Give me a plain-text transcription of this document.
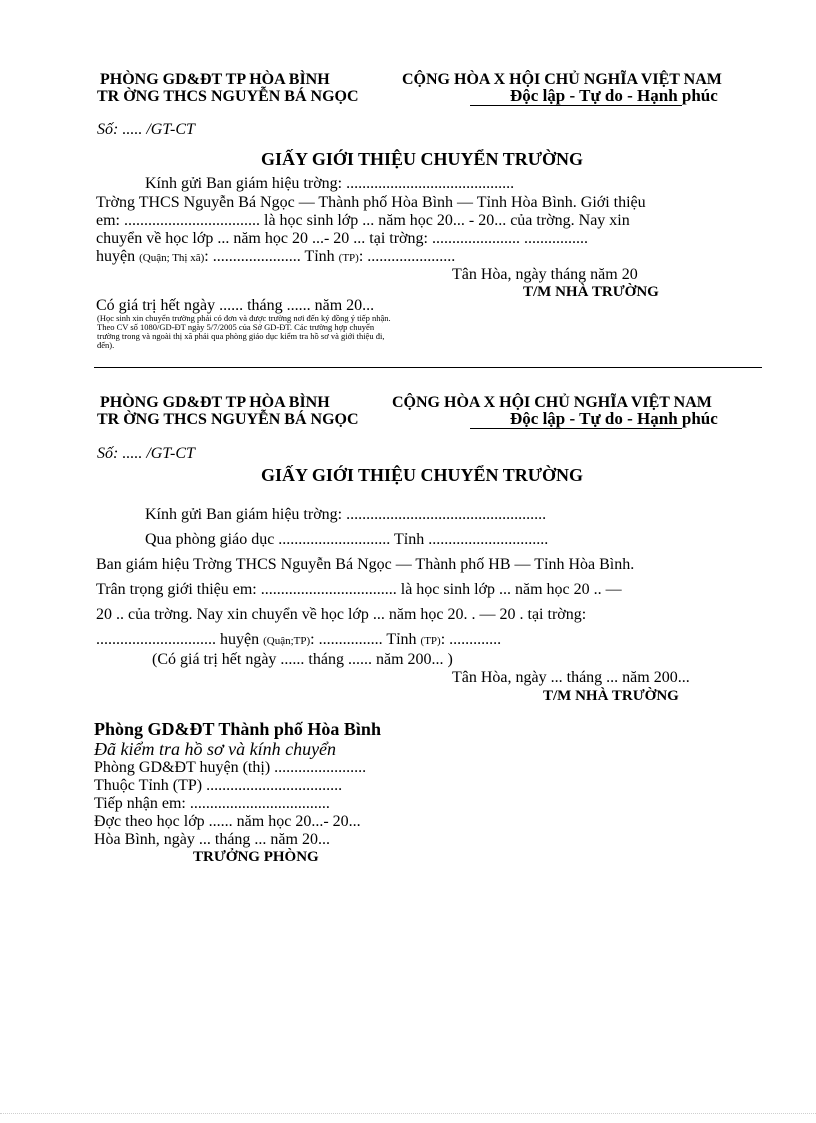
PHÒNG GD&ĐT TP HÒA BÌNH
TR ỜNG THCS NGUYỄN BÁ NGỌC
CỘNG HÒA X HỘI CHỦ NGHĨA VIỆT NAM
Độc lập - Tự do - Hạnh phúc
Số: ..... /GT-CT
GIẤY GIỚI THIỆU CHUYỂN TRƯỜNG
Kính gửi Ban giám hiệu trờng: ..........................................
Trờng THCS Nguyễn Bá Ngọc — Thành phố Hòa Bình — Tỉnh Hòa Bình. Giới thiệu
em: .................................. là học sinh lớp ... năm học 20... - 20... của trờng. Nay xin
chuyển về học lớp ... năm học 20 ...- 20 ... tại trờng: ...................... ................
huyện (Quận; Thị xã): ...................... Tỉnh (TP): ......................
Tân Hòa, ngày tháng năm 20
T/M NHÀ TRƯỜNG
Có giá trị hết ngày ...... tháng ...... năm 20...
(Học sinh xin chuyển trường phải có đơn và được trường nơi đến ký đồng ý tiếp nhận. Theo CV số 1080/GD-ĐT ngày 5/7/2005 của Sở GD-ĐT. Các trường hợp chuyển trường trong và ngoài thị xã phải qua phòng giáo dục kiểm tra hồ sơ và giới thiệu đi, đến).
PHÒNG GD&ĐT TP HÒA BÌNH
TR ỜNG THCS NGUYỄN BÁ NGỌC
CỘNG HÒA X HỘI CHỦ NGHĨA VIỆT NAM
Độc lập - Tự do - Hạnh phúc
Số: ..... /GT-CT
GIẤY GIỚI THIỆU CHUYỂN TRƯỜNG
Kính gửi Ban giám hiệu trờng: ..................................................
Qua phòng giáo dục ............................ Tỉnh ..............................
Ban giám hiệu Trờng THCS Nguyễn Bá Ngọc — Thành phố HB — Tỉnh Hòa Bình.
Trân trọng giới thiệu em: .................................. là học sinh lớp ... năm học 20 .. —
20 .. của trờng. Nay xin chuyển về học lớp ... năm học 20. . — 20 . tại trờng:
.............................. huyện (Quận;TP): ................ Tỉnh (TP): .............
(Có giá trị hết ngày ...... tháng ...... năm 200... )
Tân Hòa, ngày ... tháng ... năm 200...
T/M NHÀ TRƯỜNG
Phòng GD&ĐT Thành phố Hòa Bình
Đã kiểm tra hồ sơ và kính chuyển
Phòng GD&ĐT huyện (thị) .......................
Thuộc Tỉnh (TP) ..................................
Tiếp nhận em: ...................................
Đợc theo học lớp ...... năm học 20...- 20...
Hòa Bình, ngày ... tháng ... năm 20...
TRƯỞNG PHÒNG
